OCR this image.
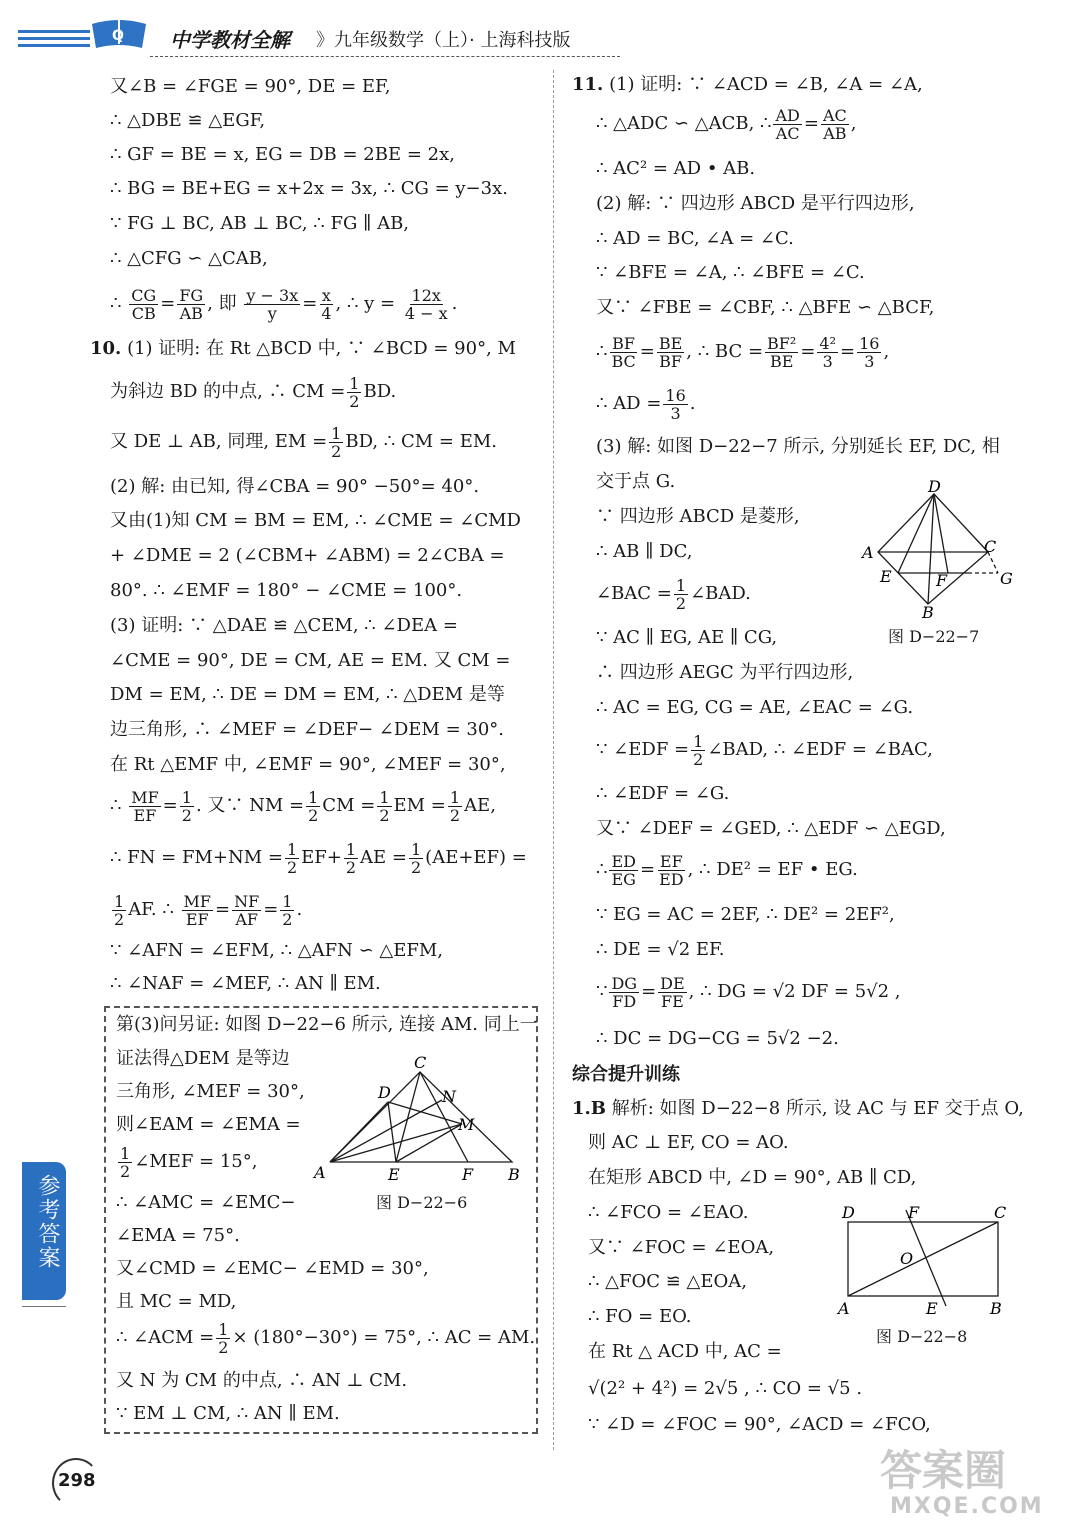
Q 中学教材全解 》九年级数学（上）· 上海科技版
又∠B = ∠FGE = 90°, DE = EF,
∴ △DBE ≌ △EGF,
∴ GF = BE = x, EG = DB = 2BE = 2x,
∴ BG = BE+EG = x+2x = 3x, ∴ CG = y−3x.
∵ FG ⊥ BC, AB ⊥ BC, ∴ FG ∥ AB,
∴ △CFG ∽ △CAB,
∴ $\frac{CG}{CB} = \frac{FG}{AB}$ , 即 $\frac{y - 3x}{y} = \frac{x}{4}$ , ∴ $y = \frac{12x}{4 - x}$ .
10. (1) 证明: 在 Rt △BCD 中, ∵ ∠BCD = 90°, M
为斜边 BD 的中点, ∴ CM = $\frac{1}{2}$ BD.
又 DE ⊥ AB, 同理, EM = $\frac{1}{2}$ BD, ∴ CM = EM.
(2) 解: 由已知, 得∠CBA = 90° −50°= 40°.
又由(1)知 CM = BM = EM, ∴ ∠CME = ∠CMD
+ ∠DME = 2 (∠CBM+ ∠ABM) = 2∠CBA =
80°. ∴ ∠EMF = 180° − ∠CME = 100°.
(3) 证明: ∵ △DAE ≌ △CEM, ∴ ∠DEA =
∠CME = 90°, DE = CM, AE = EM. 又 CM =
DM = EM, ∴ DE = DM = EM, ∴ △DEM 是等
边三角形, ∴ ∠MEF = ∠DEF− ∠DEM = 30°.
在 Rt △EMF 中, ∠EMF = 90°, ∠MEF = 30°,
∴ $\frac{MF}{EF} = \frac{1}{2}$ . 又∵ NM = $\frac{1}{2}$ CM = $\frac{1}{2}$ EM = $\frac{1}{2}$ AE,
∴ FN = $FM+NM = \frac{1}{2} EF+ \frac{1}{2}$ AE = $\frac{1}{2} (AE+EF)$ =
$\frac{1}{2}$ AF. ∴ $\frac{MF}{EF} = \frac{NF}{AF} = \frac{1}{2}$ .
∵ ∠AFN = ∠EFM, ∴ △AFN ∽ △EFM,
∴ ∠NAF = ∠MEF, ∴ AN ∥ EM.
第(3)问另证: 如图 D−22−6 所示, 连接 AM. 同上一
证法得△DEM 是等边
三角形, ∠MEF = 30°,
则∠EAM = ∠EMA =
$\frac{1}{2}$ ∠MEF = 15°,
∴ ∠AMC = ∠EMC−
∠EMA = 75°.
又∠CMD = ∠EMC− ∠EMD = 30°,
且 MC = MD,
∴ ∠ACM = $\frac{1}{2} \times (180^\circ-30^\circ) = 75^\circ$, ∴ AC = AM.
又 N 为 CM 的中点, ∴ AN ⊥ CM.
∵ EM ⊥ CM, ∴ AN ∥ EM.
C
D	N
M
A	E	F B
图 D−22−6
11. (1) 证明: ∵ ∠ACD = ∠B, ∠A = ∠A,
∴ △ADC ∽ △ACB, ∴ $\frac{AD}{AC} = \frac{AC}{AB}$ ,
∴ AC² = AD • AB.
(2) 解: ∵ 四边形 ABCD 是平行四边形,
∴ AD = BC, ∠A = ∠C.
∵ ∠BFE = ∠A, ∴ ∠BFE = ∠C.
又∵ ∠FBE = ∠CBF, ∴ △BFE ∽ △BCF,
∴ $\frac{BF}{BC} = \frac{BE}{BF}$ , ∴ BC = $\frac{\text{BF²}}{BE} = \frac{\text{4²}}{3} = \frac{16}{3}$ ,
∴ AD = $\frac{16}{3}$ .
(3) 解: 如图 D−22−7 所示, 分别延长 EF, DC, 相
交于点 G.
∵ 四边形 ABCD 是菱形,
∴ AB ∥ DC,
∠BAC = $\frac{1}{2}$ ∠BAD.
∵ AC ∥ EG, AE ∥ CG,
∴ 四边形 AEGC 为平行四边形,
∴ AC = EG, CG = AE, ∠EAC = ∠G.
∵ ∠EDF = $\frac{1}{2}$ ∠BAD, ∴ ∠EDF = ∠BAC,
∴ ∠EDF = ∠G.
又∵ ∠DEF = ∠GED, ∴ △EDF ∽ △EGD,
∴ $\frac{ED}{EG} = \frac{EF}{ED}$ , ∴ DE² = EF • EG.
∵ EG = AC = 2EF, ∴ DE² = 2EF²,
∴ DE = √2 EF.
∵ $\frac{DG}{FD} = \frac{DE}{FE}$ , ∴ DG = √2 DF = 5√2 ,
∴ DC = DG−CG = 5√2 −2.
综合提升训练
1.B 解析: 如图 D−22−8 所示, 设 AC 与 EF 交于点 O,
则 AC ⊥ EF, CO = AO.
在矩形 ABCD 中, ∠D = 90°, AB ∥ CD,
∴ ∠FCO = ∠EAO.
又∵ ∠FOC = ∠EOA,
∴ △FOC ≌ △EOA,
∴ FO = EO.
在 Rt △ ACD 中, AC =
√(2² + 4²) = 2√5 , ∴ CO = √5 .
∵ ∠D = ∠FOC = 90°, ∠ACD = ∠FCO,
D
A	C
E	F	G
B
图 D−22−7
D	F	C
O
A	E	B
图 D−22−8
参考答案
298	答案圈
MXQE.COM
